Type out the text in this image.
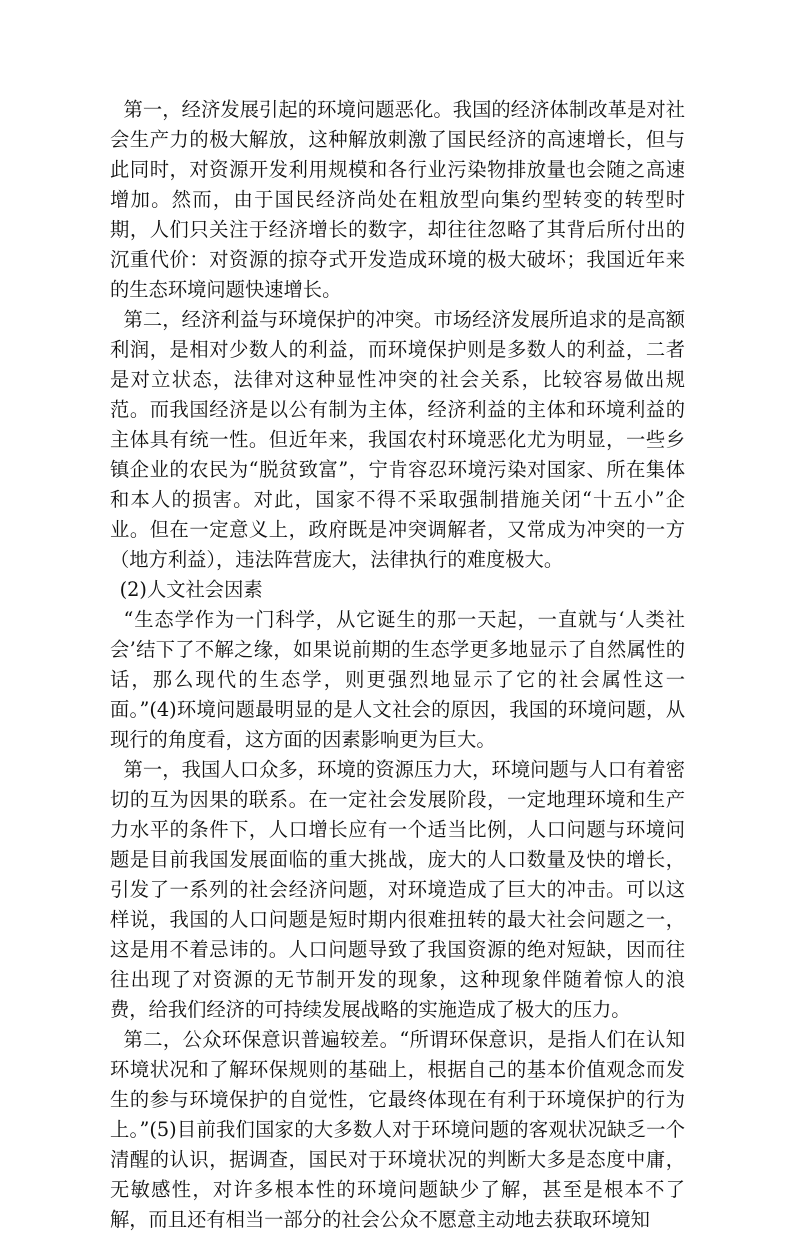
第一，经济发展引起的环境问题恶化。我国的经济体制改革是对社会生产力的极大解放，这种解放刺激了国民经济的高速增长，但与此同时，对资源开发利用规模和各行业污染物排放量也会随之高速增加。然而，由于国民经济尚处在粗放型向集约型转变的转型时期，人们只关注于经济增长的数字，却往往忽略了其背后所付出的沉重代价：对资源的掠夺式开发造成环境的极大破坏；我国近年来的生态环境问题快速增长。

第二，经济利益与环境保护的冲突。市场经济发展所追求的是高额利润，是相对少数人的利益，而环境保护则是多数人的利益，二者是对立状态，法律对这种显性冲突的社会关系，比较容易做出规范。而我国经济是以公有制为主体，经济利益的主体和环境利益的主体具有统一性。但近年来，我国农村环境恶化尤为明显，一些乡镇企业的农民为“脱贫致富”，宁肯容忍环境污染对国家、所在集体和本人的损害。对此，国家不得不采取强制措施关闭“十五小”企业。但在一定意义上，政府既是冲突调解者，又常成为冲突的一方（地方利益），违法阵营庞大，法律执行的难度极大。

(2)人文社会因素

“生态学作为一门科学，从它诞生的那一天起，一直就与‘人类社会’结下了不解之缘，如果说前期的生态学更多地显示了自然属性的话，那么现代的生态学，则更强烈地显示了它的社会属性这一面。”(4)环境问题最明显的是人文社会的原因，我国的环境问题，从现行的角度看，这方面的因素影响更为巨大。

第一，我国人口众多，环境的资源压力大，环境问题与人口有着密切的互为因果的联系。在一定社会发展阶段，一定地理环境和生产力水平的条件下，人口增长应有一个适当比例，人口问题与环境问题是目前我国发展面临的重大挑战，庞大的人口数量及快的增长，引发了一系列的社会经济问题，对环境造成了巨大的冲击。可以这样说，我国的人口问题是短时期内很难扭转的最大社会问题之一，这是用不着忌讳的。人口问题导致了我国资源的绝对短缺，因而往往出现了对资源的无节制开发的现象，这种现象伴随着惊人的浪费，给我们经济的可持续发展战略的实施造成了极大的压力。

第二，公众环保意识普遍较差。“所谓环保意识，是指人们在认知环境状况和了解环保规则的基础上，根据自己的基本价值观念而发生的参与环境保护的自觉性，它最终体现在有利于环境保护的行为上。”(5)目前我们国家的大多数人对于环境问题的客观状况缺乏一个清醒的认识，据调查，国民对于环境状况的判断大多是态度中庸，无敏感性，对许多根本性的环境问题缺少了解，甚至是根本不了解，而且还有相当一部分的社会公众不愿意主动地去获取环境知
